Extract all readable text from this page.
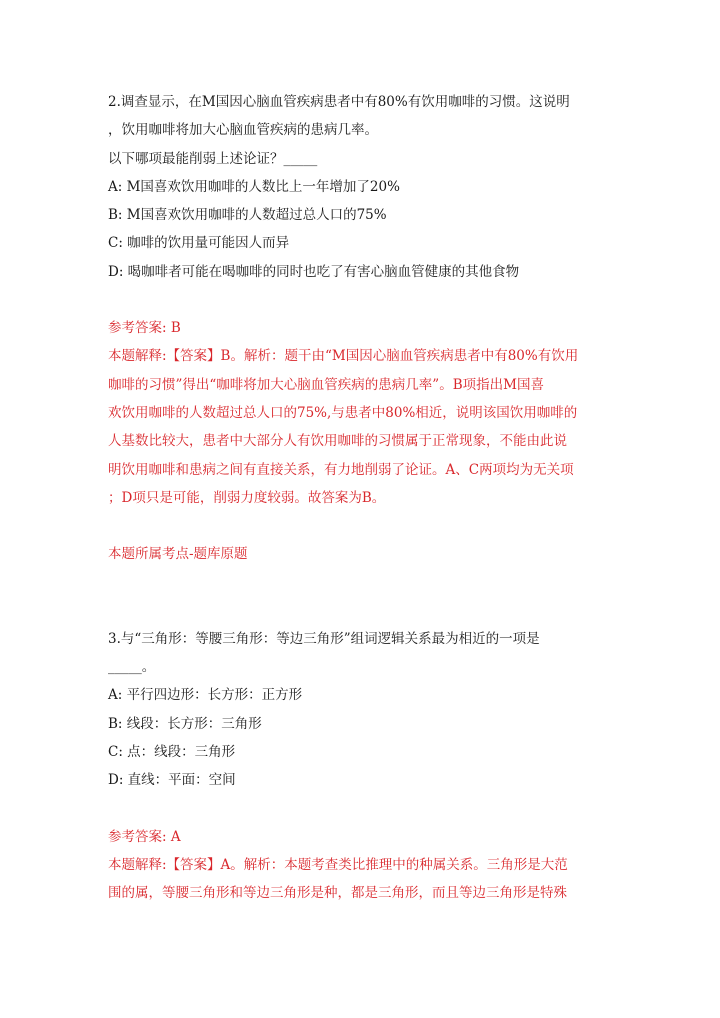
2.调查显示，在M国因心脑血管疾病患者中有80%有饮用咖啡的习惯。这说明
，饮用咖啡将加大心脑血管疾病的患病几率。
以下哪项最能削弱上述论证？_____
A: M国喜欢饮用咖啡的人数比上一年增加了20%
B: M国喜欢饮用咖啡的人数超过总人口的75%
C: 咖啡的饮用量可能因人而异
D: 喝咖啡者可能在喝咖啡的同时也吃了有害心脑血管健康的其他食物
参考答案: B
本题解释:【答案】B。解析：题干由“M国因心脑血管疾病患者中有80%有饮用
咖啡的习惯”得出“咖啡将加大心脑血管疾病的患病几率”。B项指出M国喜
欢饮用咖啡的人数超过总人口的75%,与患者中80%相近，说明该国饮用咖啡的
人基数比较大，患者中大部分人有饮用咖啡的习惯属于正常现象，不能由此说
明饮用咖啡和患病之间有直接关系，有力地削弱了论证。A、C两项均为无关项
；D项只是可能，削弱力度较弱。故答案为B。
本题所属考点-题库原题
3.与“三角形：等腰三角形：等边三角形”组词逻辑关系最为相近的一项是
_____。
A: 平行四边形：长方形：正方形
B: 线段：长方形：三角形
C: 点：线段：三角形
D: 直线：平面：空间
参考答案: A
本题解释:【答案】A。解析：本题考查类比推理中的种属关系。三角形是大范
围的属，等腰三角形和等边三角形是种，都是三角形，而且等边三角形是特殊
